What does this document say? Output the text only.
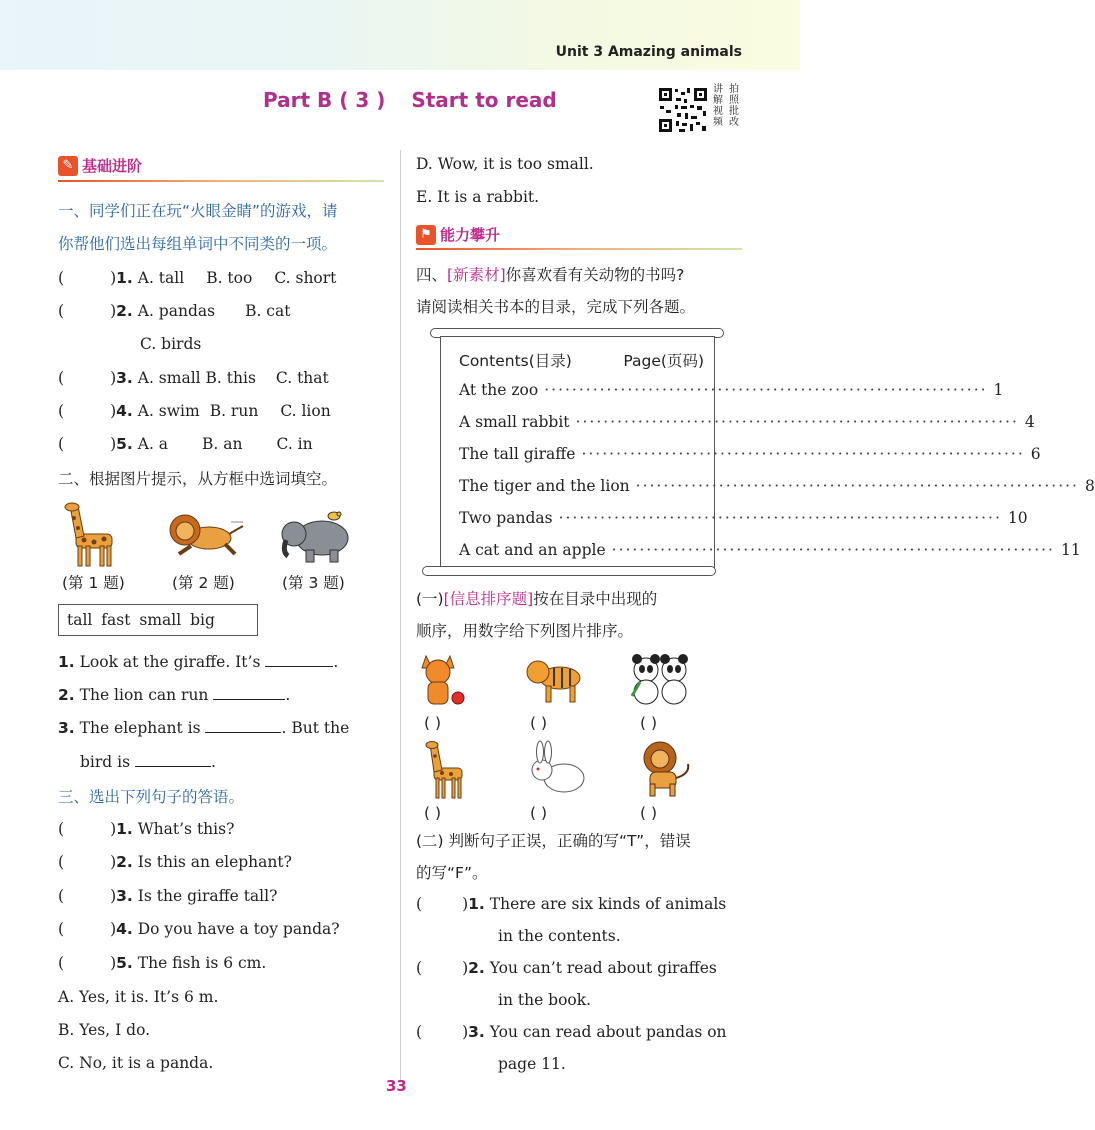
Unit 3 Amazing animals
Part B ( 3 ) Start to read	讲 拍
解 照
视 批
频 改
✎ 基础进阶
一、同学们正在玩“火眼金睛”的游戏，请
你帮他们选出每组单词中不同类的一项。
(	)1. A. tall B. too C. short
(	)2. A. pandas B. cat
C. birds
(	)3. A. small B. this C. that
(	)4. A. swim B. run C. lion
(	)5. A. a B. an C. in
二、根据图片提示，从方框中选词填空。
(第 1 题)	(第 2 题)	(第 3 题)
tall fast small big
1. Look at the giraffe. It’s	.
2. The lion can run	.
3. The elephant is	. But the
bird is	.
三、选出下列句子的答语。
(	)1. What’s this?
(	)2. Is this an elephant?
(	)3. Is the giraffe tall?
(	)4. Do you have a toy panda?
(	)5. The fish is 6 cm.
A. Yes, it is. It’s 6 m.
B. Yes, I do.
C. No, it is a panda.
D. Wow, it is too small.
E. It is a rabbit.
⚑ 能力攀升
四、[新素材]你喜欢看有关动物的书吗?
请阅读相关书本的目录，完成下列各题。
Contents(目录)	Page(页码)
At the zoo ································································ 1
A small rabbit ································································ 4
The tall giraffe ································································ 6
The tiger and the lion ································································ 8
Two pandas ································································ 10
A cat and an apple ································································ 11
(一)[信息排序题]按在目录中出现的
顺序，用数字给下列图片排序。
( )	( )	( )
( )	( )	( )
(二) 判断句子正误，正确的写“T”，错误
的写“F”。
(	)1. There are six kinds of animals
in the contents.
(	)2. You can’t read about giraffes
in the book.
(	)3. You can read about pandas on
page 11.
33
